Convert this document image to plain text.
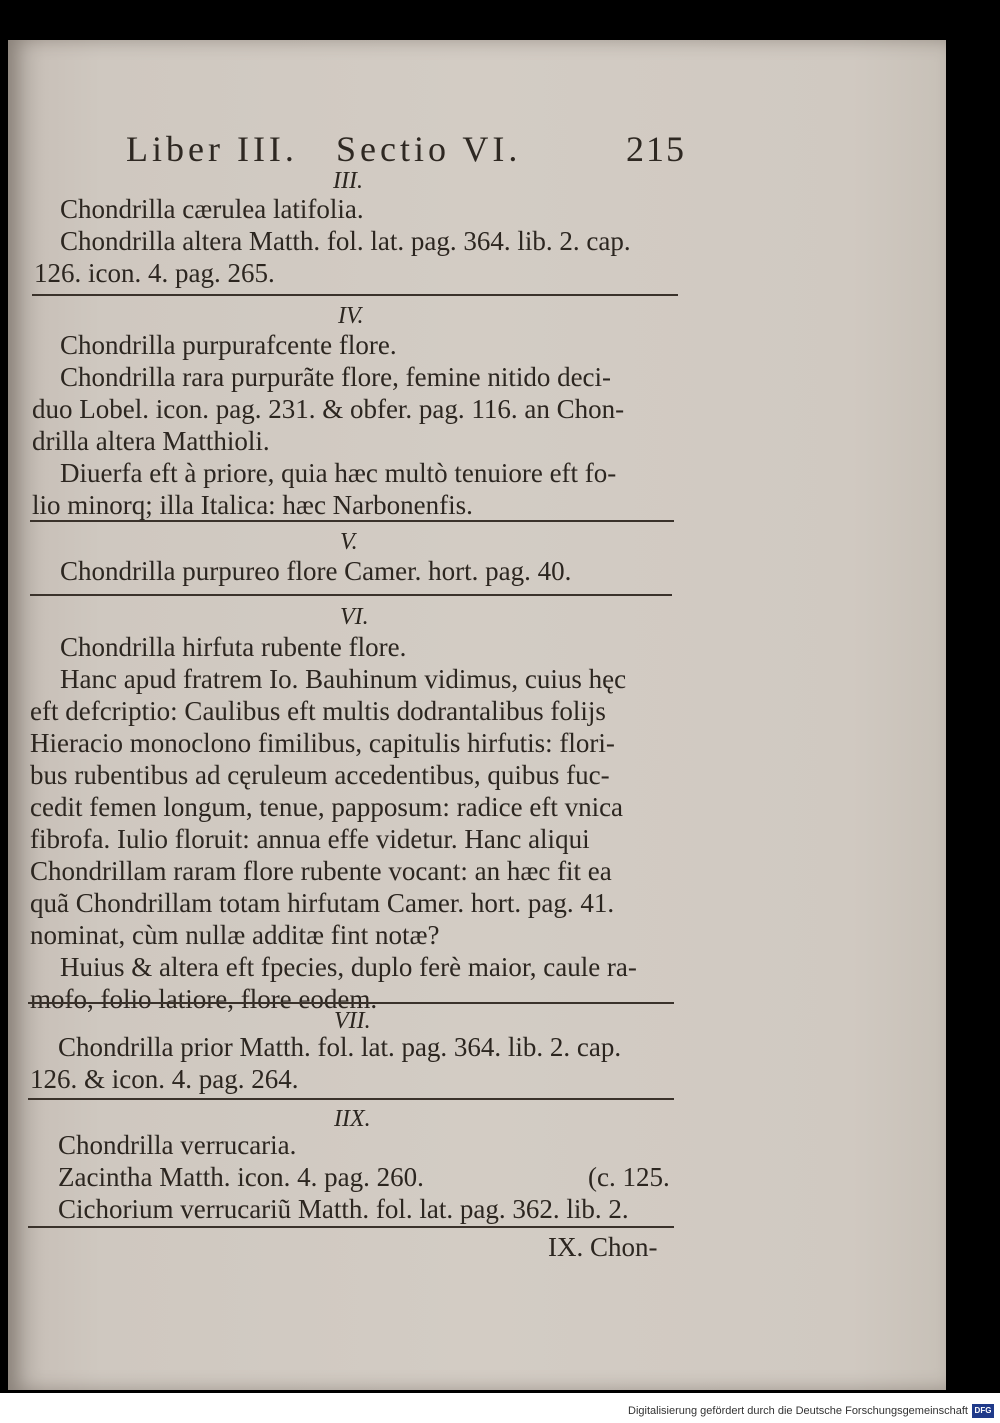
Liber III. Sectio VI.	215
III.
Chondrilla cærulea latifolia.
Chondrilla altera Matth. fol. lat. pag. 364. lib. 2. cap.
126. icon. 4. pag. 265.
IV.
Chondrilla purpurafcente flore.
Chondrilla rara purpurãte flore, femine nitido deci-
duo Lobel. icon. pag. 231. & obfer. pag. 116. an Chon-
drilla altera Matthioli.
Diuerfa eft à priore, quia hæc multò tenuiore eft fo-
lio minorq; illa Italica: hæc Narbonenfis.
V.
Chondrilla purpureo flore Camer. hort. pag. 40.
VI.
Chondrilla hirfuta rubente flore.
Hanc apud fratrem Io. Bauhinum vidimus, cuius hęc
eft defcriptio: Caulibus eft multis dodrantalibus folijs
Hieracio monoclono fimilibus, capitulis hirfutis: flori-
bus rubentibus ad cęruleum accedentibus, quibus fuc-
cedit femen longum, tenue, papposum: radice eft vnica
fibrofa. Iulio floruit: annua effe videtur. Hanc aliqui
Chondrillam raram flore rubente vocant: an hæc fit ea
quã Chondrillam totam hirfutam Camer. hort. pag. 41.
nominat, cùm nullæ additæ fint notæ?
Huius & altera eft fpecies, duplo ferè maior, caule ra-
mofo, folio latiore, flore eodem.
VII.
Chondrilla prior Matth. fol. lat. pag. 364. lib. 2. cap.
126. & icon. 4. pag. 264.
IIX.
Chondrilla verrucaria.
Zacintha Matth. icon. 4. pag. 260.	(c. 125.
Cichorium verrucariũ Matth. fol. lat. pag. 362. lib. 2.
IX. Chon-
Digitalisierung gefördert durch die Deutsche Forschungsgemeinschaft DFG
